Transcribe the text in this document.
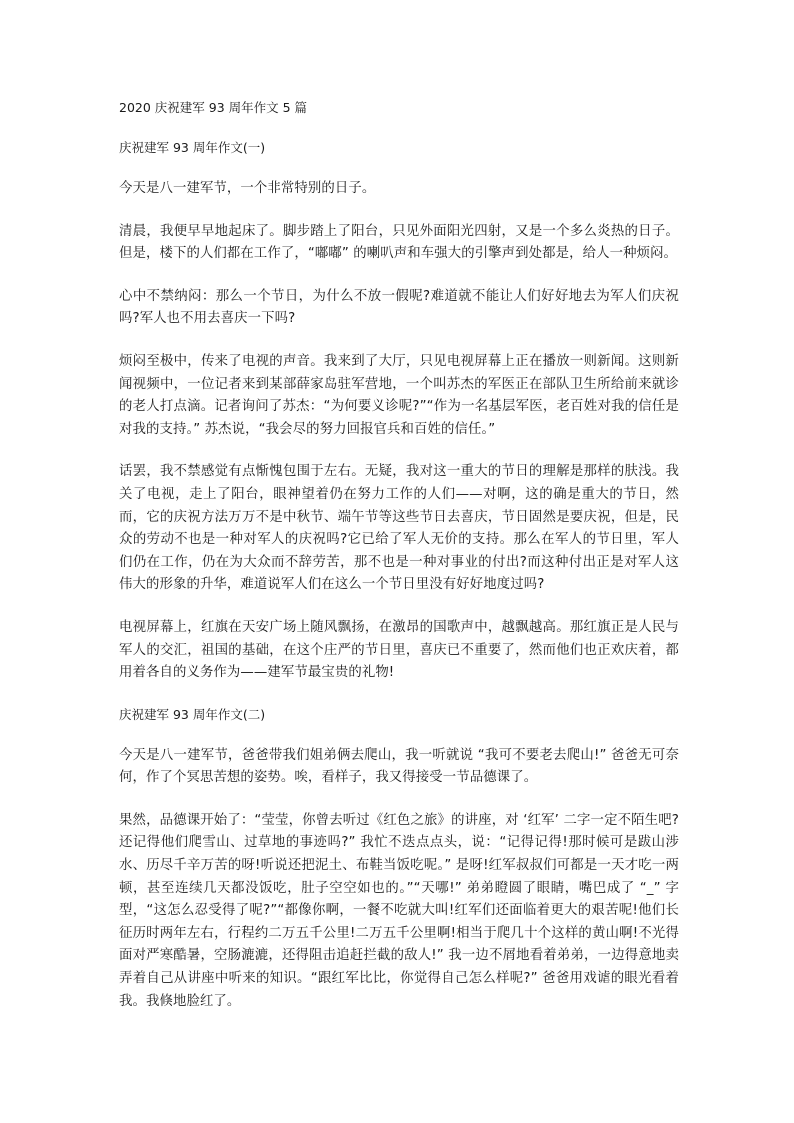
2020 庆祝建军 93 周年作文 5 篇
庆祝建军 93 周年作文(一)

今天是八一建军节，一个非常特别的日子。

清晨，我便早早地起床了。脚步踏上了阳台，只见外面阳光四射，又是一个多么炎热的日子。但是，楼下的人们都在工作了，“嘟嘟” 的喇叭声和车强大的引擎声到处都是，给人一种烦闷。

心中不禁纳闷：那么一个节日，为什么不放一假呢?难道就不能让人们好好地去为军人们庆祝吗?军人也不用去喜庆一下吗?

烦闷至极中，传来了电视的声音。我来到了大厅，只见电视屏幕上正在播放一则新闻。这则新闻视频中，一位记者来到某部薛家岛驻军营地，一个叫苏杰的军医正在部队卫生所给前来就诊的老人打点滴。记者询问了苏杰：“为何要义诊呢?”“作为一名基层军医，老百姓对我的信任是对我的支持。” 苏杰说，“我会尽的努力回报官兵和百姓的信任。”

话罢，我不禁感觉有点惭愧包围于左右。无疑，我对这一重大的节日的理解是那样的肤浅。我关了电视，走上了阳台，眼神望着仍在努力工作的人们——对啊，这的确是重大的节日，然而，它的庆祝方法万万不是中秋节、端午节等这些节日去喜庆，节日固然是要庆祝，但是，民众的劳动不也是一种对军人的庆祝吗?它已给了军人无价的支持。那么在军人的节日里，军人们仍在工作，仍在为大众而不辞劳苦，那不也是一种对事业的付出?而这种付出正是对军人这伟大的形象的升华，难道说军人们在这么一个节日里没有好好地度过吗?

电视屏幕上，红旗在天安广场上随风飘扬，在激昂的国歌声中，越飘越高。那红旗正是人民与军人的交汇，祖国的基础，在这个庄严的节日里，喜庆已不重要了，然而他们也正欢庆着，都用着各自的义务作为——建军节最宝贵的礼物!

庆祝建军 93 周年作文(二)

今天是八一建军节，爸爸带我们姐弟俩去爬山，我一听就说 “我可不要老去爬山!” 爸爸无可奈何，作了个冥思苦想的姿势。唉，看样子，我又得接受一节品德课了。

果然，品德课开始了：“莹莹，你曾去听过《红色之旅》的讲座，对 ‘红军’ 二字一定不陌生吧?还记得他们爬雪山、过草地的事迹吗?” 我忙不迭点点头，说：“记得记得!那时候可是跋山涉水、历尽千辛万苦的呀!听说还把泥土、布鞋当饭吃呢。” 是呀!红军叔叔们可都是一天才吃一两顿，甚至连续几天都没饭吃，肚子空空如也的。”“天哪!” 弟弟瞪圆了眼睛，嘴巴成了 “_” 字型，“这怎么忍受得了呢?”“都像你啊，一餐不吃就大叫!红军们还面临着更大的艰苦呢!他们长征历时两年左右，行程约二万五千公里!二万五千公里啊!相当于爬几十个这样的黄山啊!不光得面对严寒酷暑，空肠漉漉，还得阻击追赶拦截的敌人!” 我一边不屑地看着弟弟，一边得意地卖弄着自己从讲座中听来的知识。“跟红军比比，你觉得自己怎么样呢?” 爸爸用戏谑的眼光看着我。我倏地脸红了。
